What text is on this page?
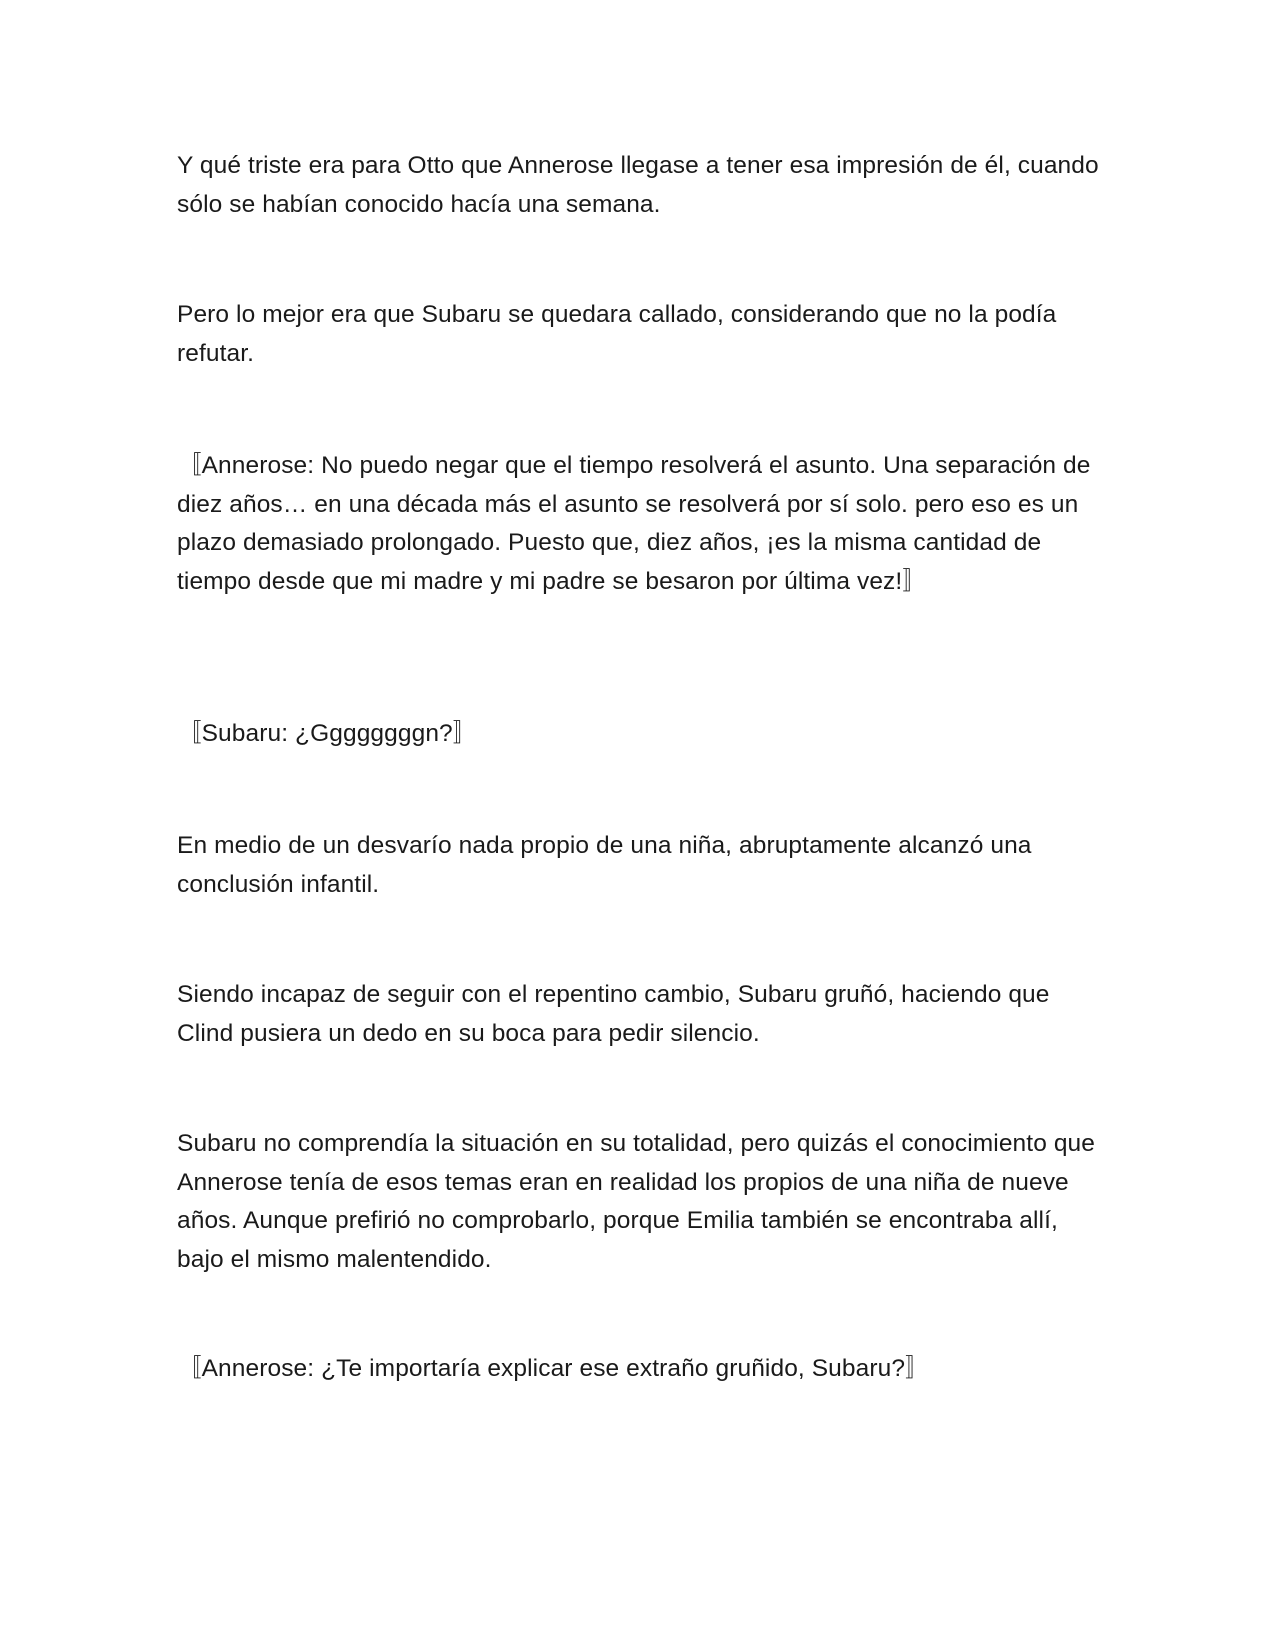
Y qué triste era para Otto que Annerose llegase a tener esa impresión de él, cuando sólo se habían conocido hacía una semana.

Pero lo mejor era que Subaru se quedara callado, considerando que no la podía refutar.

〚Annerose: No puedo negar que el tiempo resolverá el asunto. Una separación de diez años… en una década más el asunto se resolverá por sí solo. pero eso es un plazo demasiado prolongado. Puesto que, diez años, ¡es la misma cantidad de tiempo desde que mi madre y mi padre se besaron por última vez!〛

〚Subaru: ¿Ggggggggn?〛

En medio de un desvarío nada propio de una niña, abruptamente alcanzó una conclusión infantil.

Siendo incapaz de seguir con el repentino cambio, Subaru gruñó, haciendo que Clind pusiera un dedo en su boca para pedir silencio.

Subaru no comprendía la situación en su totalidad, pero quizás el conocimiento que Annerose tenía de esos temas eran en realidad los propios de una niña de nueve años. Aunque prefirió no comprobarlo, porque Emilia también se encontraba allí, bajo el mismo malentendido.

〚Annerose: ¿Te importaría explicar ese extraño gruñido, Subaru?〛
